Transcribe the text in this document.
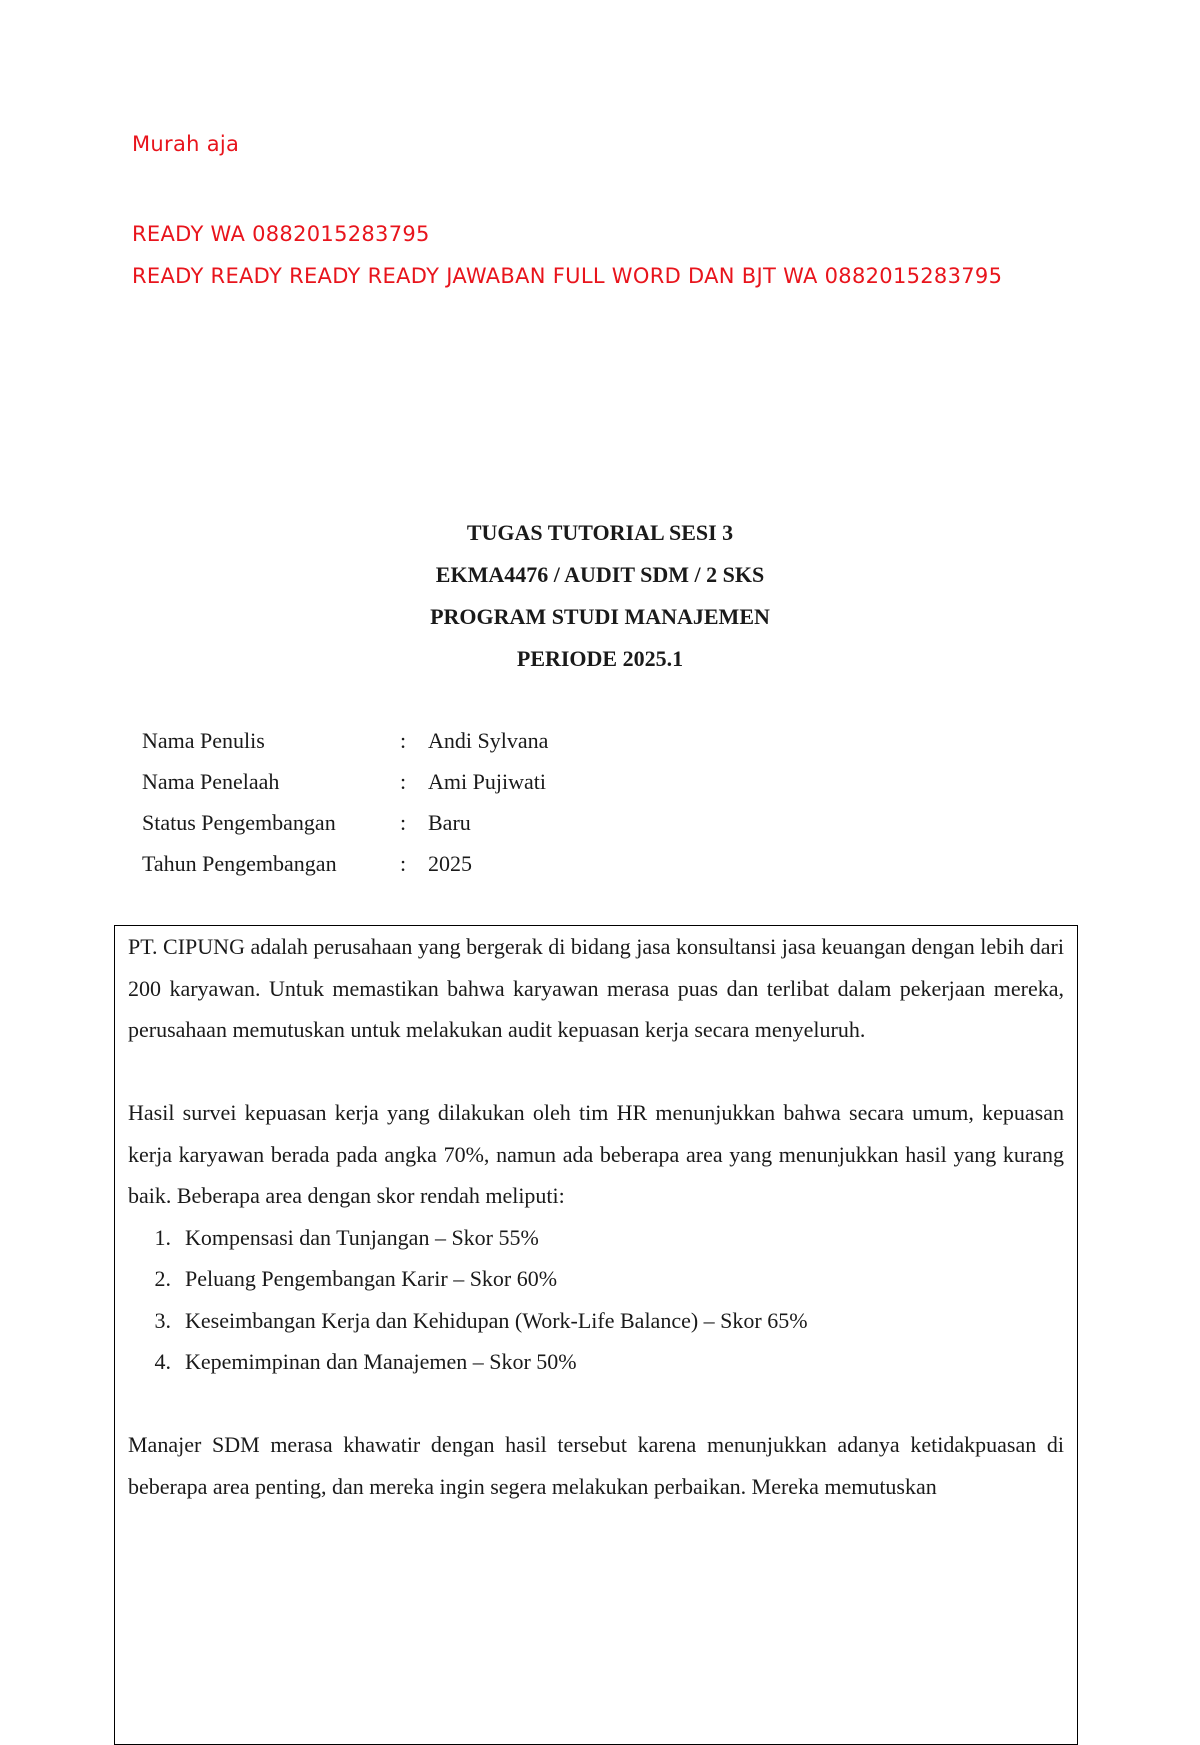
Murah aja

READY WA 0882015283795

READY READY READY READY JAWABAN FULL WORD DAN BJT WA 0882015283795

TUGAS TUTORIAL SESI 3

EKMA4476 / AUDIT SDM / 2 SKS

PROGRAM STUDI MANAJEMEN

PERIODE 2025.1

Nama Penulis	: Andi Sylvana
Nama Penelaah	: Ami Pujiwati
Status Pengembangan	: Baru
Tahun Pengembangan	: 2025

PT. CIPUNG adalah perusahaan yang bergerak di bidang jasa konsultansi jasa keuangan dengan lebih dari 200 karyawan. Untuk memastikan bahwa karyawan merasa puas dan terlibat dalam pekerjaan mereka, perusahaan memutuskan untuk melakukan audit kepuasan kerja secara menyeluruh.

Hasil survei kepuasan kerja yang dilakukan oleh tim HR menunjukkan bahwa secara umum, kepuasan kerja karyawan berada pada angka 70%, namun ada beberapa area yang menunjukkan hasil yang kurang baik. Beberapa area dengan skor rendah meliputi:

1. Kompensasi dan Tunjangan – Skor 55%
2. Peluang Pengembangan Karir – Skor 60%
3. Keseimbangan Kerja dan Kehidupan (Work-Life Balance) – Skor 65%
4. Kepemimpinan dan Manajemen – Skor 50%

Manajer SDM merasa khawatir dengan hasil tersebut karena menunjukkan adanya ketidakpuasan di beberapa area penting, dan mereka ingin segera melakukan perbaikan. Mereka memutuskan
